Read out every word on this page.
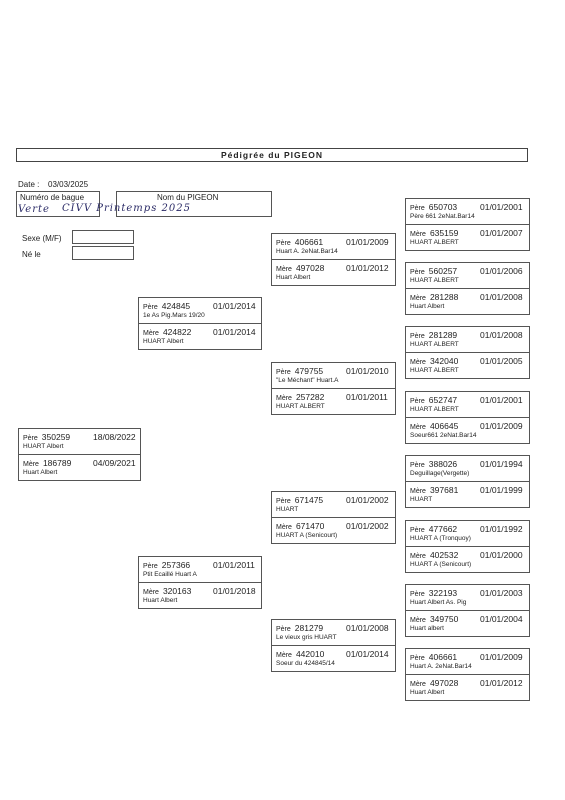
Pédigrée du PIGEON
Date : 03/03/2025
Numéro de bague	Nom du PIGEON
Verte CIVV Printemps 2025
Sexe (M/F)
Né le
Père 350259	18/08/2022
HUART Albert
Mère 186789	04/09/2021
Huart Albert
Père 424845	01/01/2014
1e As Pig.Mars 19/20
Mère 424822	01/01/2014
HUART Albert
Père 257366	01/01/2011
Ptit Ecaillé Huart A
Mère 320163	01/01/2018
Huart Albert
Père 406661	01/01/2009
Huart A. 2eNat.Bar14
Mère 497028	01/01/2012
Huart Albert
Père 479755	01/01/2010
"Le Méchant" Huart.A
Mère 257282	01/01/2011
HUART ALBERT
Père 671475	01/01/2002
HUART
Mère 671470	01/01/2002
HUART A (Senicourt)
Père 281279	01/01/2008
Le vieux gris HUART
Mère 442010	01/01/2014
Soeur du 424845/14
Père 650703	01/01/2001
Père 661 2eNat.Bar14
Mère 635159	01/01/2007
HUART ALBERT
Père 560257	01/01/2006
HUART ALBERT
Mère 281288	01/01/2008
Huart Albert
Père 281289	01/01/2008
HUART ALBERT
Mère 342040	01/01/2005
HUART ALBERT
Père 652747	01/01/2001
HUART ALBERT
Mère 406645	01/01/2009
Soeur661 2eNat.Bar14
Père 388026	01/01/1994
Deguillage(Vergette)
Mère 397681	01/01/1999
HUART
Père 477662	01/01/1992
HUART A (Tronquoy)
Mère 402532	01/01/2000
HUART A (Senicourt)
Père 322193	01/01/2003
Huart Albert As. Pig
Mère 349750	01/01/2004
Huart albert
Père 406661	01/01/2009
Huart A. 2eNat.Bar14
Mère 497028	01/01/2012
Huart Albert
